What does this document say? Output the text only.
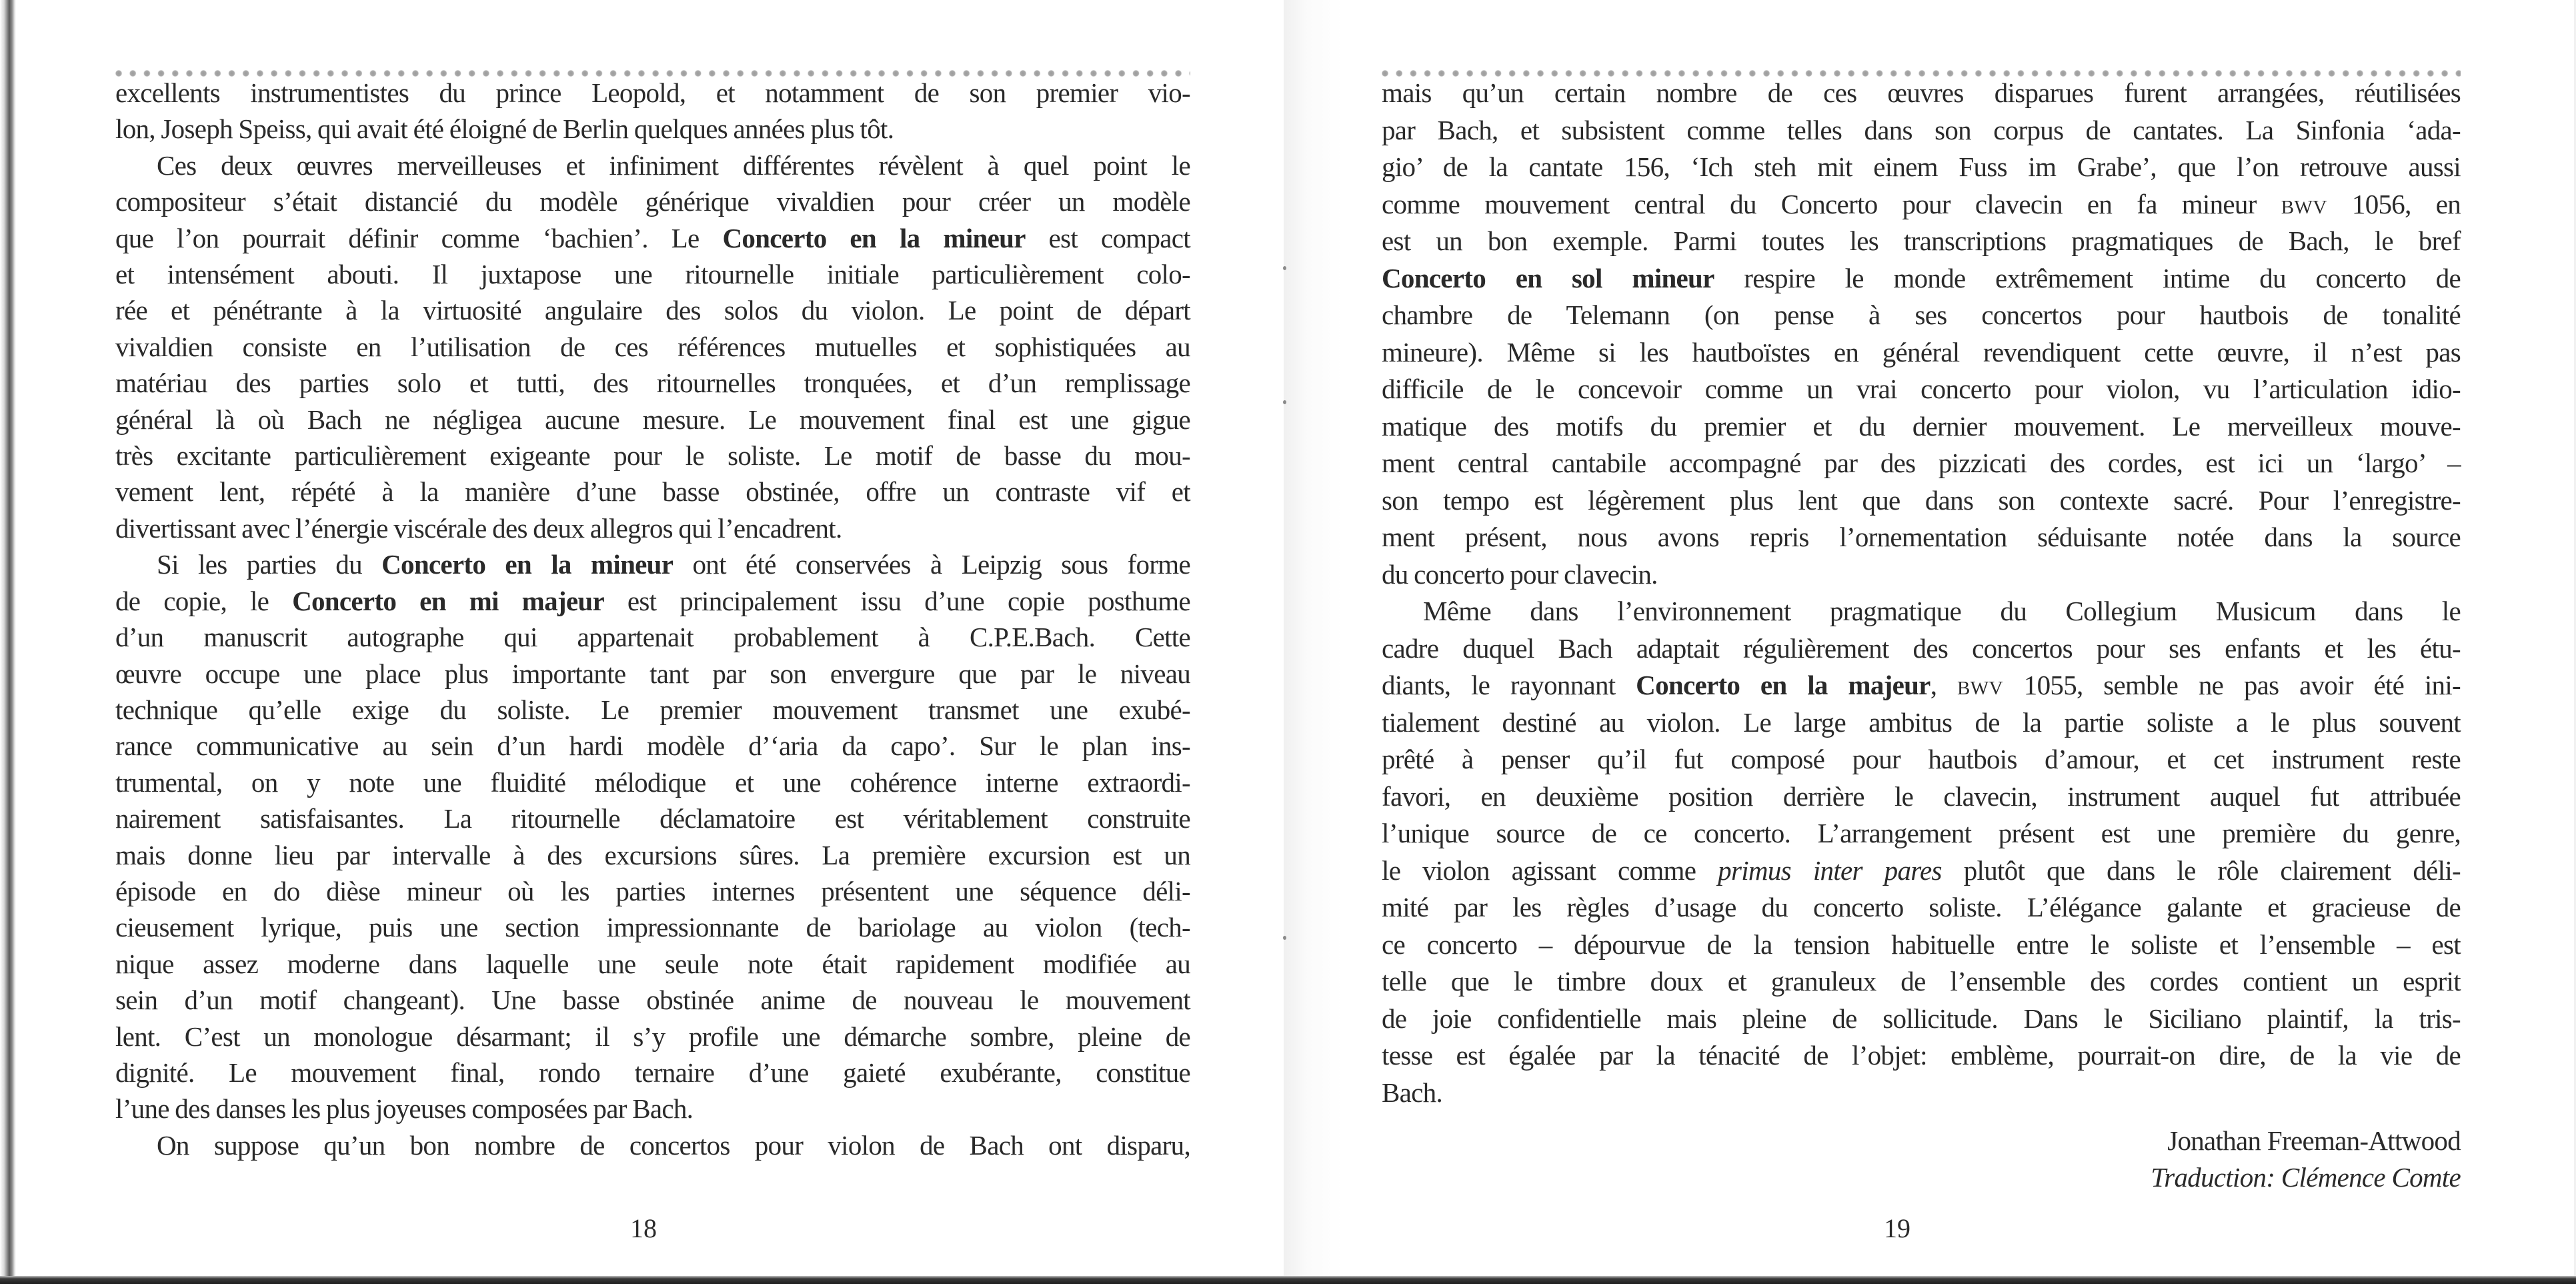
excellents instrumentistes du prince Leopold, et notamment de son premier vio-
lon, Joseph Speiss, qui avait été éloigné de Berlin quelques années plus tôt.
Ces deux œuvres merveilleuses et infiniment différentes révèlent à quel point le
compositeur s’était distancié du modèle générique vivaldien pour créer un modèle
que l’on pourrait définir comme ‘bachien’. Le Concerto en la mineur est compact
et intensément abouti. Il juxtapose une ritournelle initiale particulièrement colo-
rée et pénétrante à la virtuosité angulaire des solos du violon. Le point de départ
vivaldien consiste en l’utilisation de ces références mutuelles et sophistiquées au
matériau des parties solo et tutti, des ritournelles tronquées, et d’un remplissage
général là où Bach ne négligea aucune mesure. Le mouvement final est une gigue
très excitante particulièrement exigeante pour le soliste. Le motif de basse du mou-
vement lent, répété à la manière d’une basse obstinée, offre un contraste vif et
divertissant avec l’énergie viscérale des deux allegros qui l’encadrent.
Si les parties du Concerto en la mineur ont été conservées à Leipzig sous forme
de copie, le Concerto en mi majeur est principalement issu d’une copie posthume
d’un manuscrit autographe qui appartenait probablement à C.P.E.Bach. Cette
œuvre occupe une place plus importante tant par son envergure que par le niveau
technique qu’elle exige du soliste. Le premier mouvement transmet une exubé-
rance communicative au sein d’un hardi modèle d’‘aria da capo’. Sur le plan ins-
trumental, on y note une fluidité mélodique et une cohérence interne extraordi-
nairement satisfaisantes. La ritournelle déclamatoire est véritablement construite
mais donne lieu par intervalle à des excursions sûres. La première excursion est un
épisode en do dièse mineur où les parties internes présentent une séquence déli-
cieusement lyrique, puis une section impressionnante de bariolage au violon (tech-
nique assez moderne dans laquelle une seule note était rapidement modifiée au
sein d’un motif changeant). Une basse obstinée anime de nouveau le mouvement
lent. C’est un monologue désarmant; il s’y profile une démarche sombre, pleine de
dignité. Le mouvement final, rondo ternaire d’une gaieté exubérante, constitue
l’une des danses les plus joyeuses composées par Bach.
On suppose qu’un bon nombre de concertos pour violon de Bach ont disparu,
18
mais qu’un certain nombre de ces œuvres disparues furent arrangées, réutilisées
par Bach, et subsistent comme telles dans son corpus de cantates. La Sinfonia ‘ada-
gio’ de la cantate 156, ‘Ich steh mit einem Fuss im Grabe’, que l’on retrouve aussi
comme mouvement central du Concerto pour clavecin en fa mineur bwv 1056, en
est un bon exemple. Parmi toutes les transcriptions pragmatiques de Bach, le bref
Concerto en sol mineur respire le monde extrêmement intime du concerto de
chambre de Telemann (on pense à ses concertos pour hautbois de tonalité
mineure). Même si les hautboïstes en général revendiquent cette œuvre, il n’est pas
difficile de le concevoir comme un vrai concerto pour violon, vu l’articulation idio-
matique des motifs du premier et du dernier mouvement. Le merveilleux mouve-
ment central cantabile accompagné par des pizzicati des cordes, est ici un ‘largo’ –
son tempo est légèrement plus lent que dans son contexte sacré. Pour l’enregistre-
ment présent, nous avons repris l’ornementation séduisante notée dans la source
du concerto pour clavecin.
Même dans l’environnement pragmatique du Collegium Musicum dans le
cadre duquel Bach adaptait régulièrement des concertos pour ses enfants et les étu-
diants, le rayonnant Concerto en la majeur, bwv 1055, semble ne pas avoir été ini-
tialement destiné au violon. Le large ambitus de la partie soliste a le plus souvent
prêté à penser qu’il fut composé pour hautbois d’amour, et cet instrument reste
favori, en deuxième position derrière le clavecin, instrument auquel fut attribuée
l’unique source de ce concerto. L’arrangement présent est une première du genre,
le violon agissant comme primus inter pares plutôt que dans le rôle clairement déli-
mité par les règles d’usage du concerto soliste. L’élégance galante et gracieuse de
ce concerto – dépourvue de la tension habituelle entre le soliste et l’ensemble – est
telle que le timbre doux et granuleux de l’ensemble des cordes contient un esprit
de joie confidentielle mais pleine de sollicitude. Dans le Siciliano plaintif, la tris-
tesse est égalée par la ténacité de l’objet: emblème, pourrait-on dire, de la vie de
Bach.
Jonathan Freeman-Attwood
Traduction: Clémence Comte
19
